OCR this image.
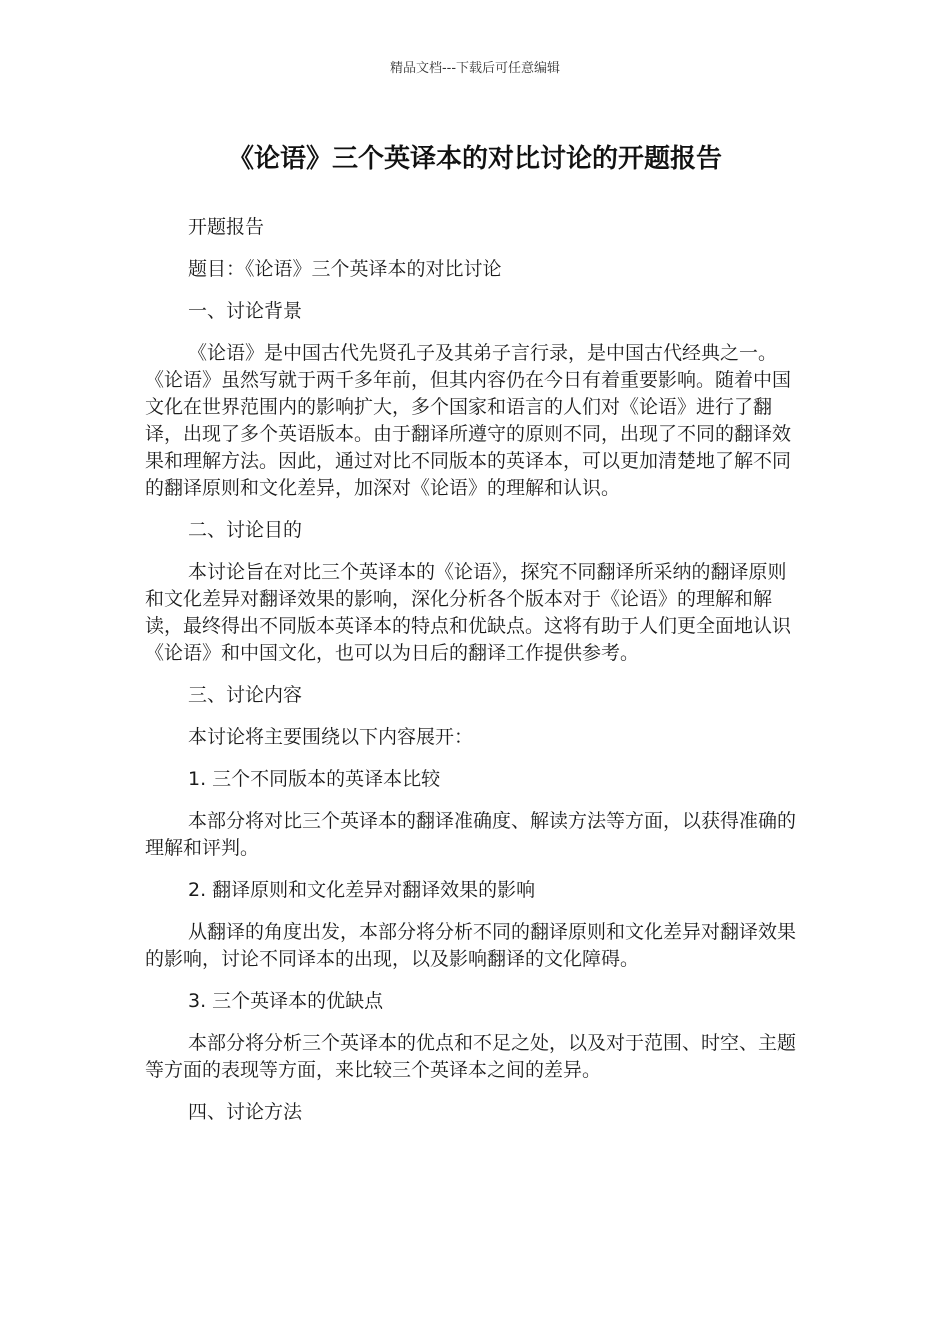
精品文档---下载后可任意编辑
《论语》三个英译本的对比讨论的开题报告

开题报告

题目：《论语》三个英译本的对比讨论

一、讨论背景

《论语》是中国古代先贤孔子及其弟子言行录，是中国古代经典之一。《论语》虽然写就于两千多年前，但其内容仍在今日有着重要影响。随着中国文化在世界范围内的影响扩大，多个国家和语言的人们对《论语》进行了翻译，出现了多个英语版本。由于翻译所遵守的原则不同，出现了不同的翻译效果和理解方法。因此，通过对比不同版本的英译本，可以更加清楚地了解不同的翻译原则和文化差异，加深对《论语》的理解和认识。

二、讨论目的

本讨论旨在对比三个英译本的《论语》，探究不同翻译所采纳的翻译原则和文化差异对翻译效果的影响，深化分析各个版本对于《论语》的理解和解读，最终得出不同版本英译本的特点和优缺点。这将有助于人们更全面地认识《论语》和中国文化，也可以为日后的翻译工作提供参考。

三、讨论内容

本讨论将主要围绕以下内容展开：

1. 三个不同版本的英译本比较

本部分将对比三个英译本的翻译准确度、解读方法等方面，以获得准确的理解和评判。

2. 翻译原则和文化差异对翻译效果的影响

从翻译的角度出发，本部分将分析不同的翻译原则和文化差异对翻译效果的影响，讨论不同译本的出现，以及影响翻译的文化障碍。

3. 三个英译本的优缺点

本部分将分析三个英译本的优点和不足之处，以及对于范围、时空、主题等方面的表现等方面，来比较三个英译本之间的差异。

四、讨论方法
